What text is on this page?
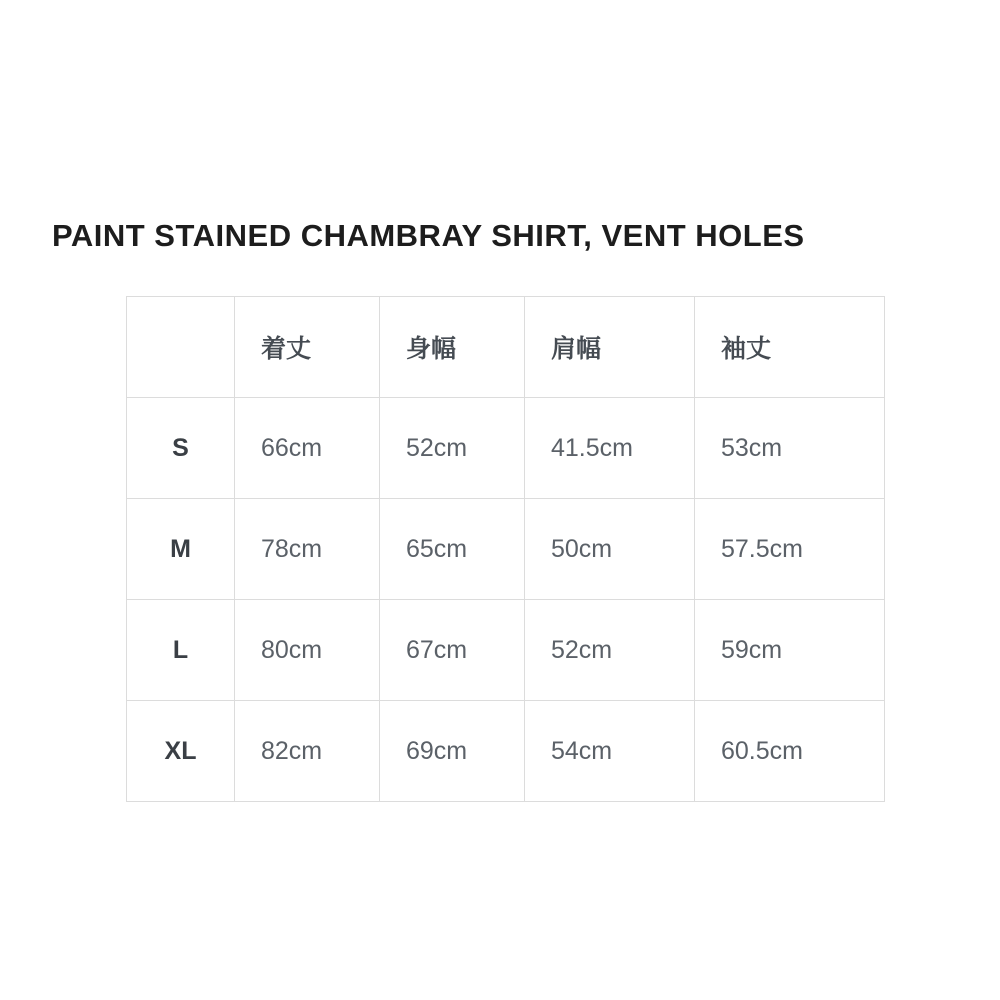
PAINT STAINED CHAMBRAY SHIRT, VENT HOLES
	着丈	身幅	肩幅	袖丈
S	66cm	52cm	41.5cm	53cm
M	78cm	65cm	50cm	57.5cm
L	80cm	67cm	52cm	59cm
XL	82cm	69cm	54cm	60.5cm
